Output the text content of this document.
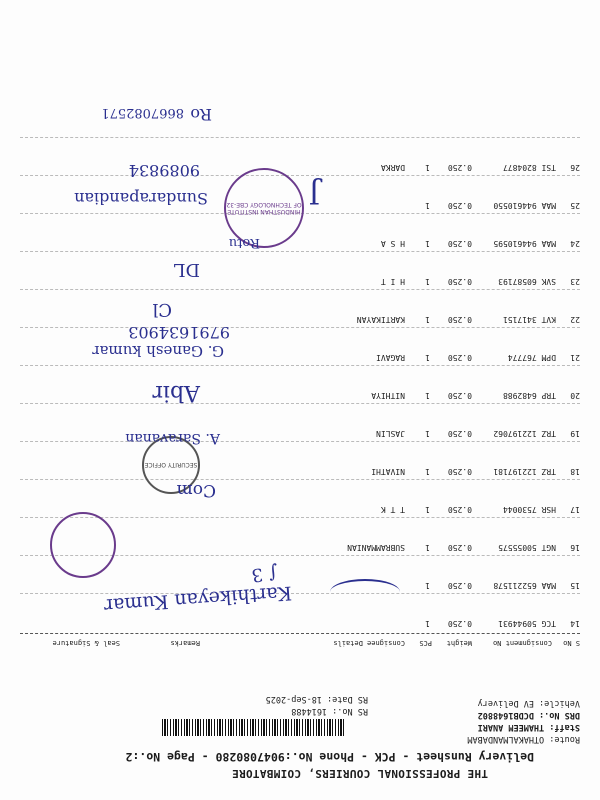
THE PROFESSIONAL COURIERS, COIMBATORE
Delivery Runsheet - PCK - Phone No.:9047080280 - Page No.:2
Route: OTHAKALMANDABAM
Staff: THAMEEM ANARI
DRS No.: DCDB1648802
Vehicle: EV Delivery
RS No.: 1614488
RS Date: 18-Sep-2025
S No
Consignment No
Weight
PCS
Consignee Details
Remarks
Seal & Signature
14
TCG 50944931
0.250
1
15
MAA 652211578
0.250
1
16
NGT 50055575
0.250
1
SUBRAMMANIAN
17
HSR 7530044
0.250
1
T T K
18
TRZ 122197181
0.250
1
NIVATHI
19
TRZ 122197062
0.250
1
JASLIN
20
TRP 6482988
0.250
1
NITHIYA
21
DPM 767774
0.250
1
RAGAVI
22
KVT 3417151
0.250
1
KARTIKAYAN
23
SVK 60587193
0.250
1
H I T
24
MAA 944610595
0.250
1
H S A
25
MAA 944610550
0.250
1
26
TSI 8204877
0.250
1
DARKA
Karthikeyan Kumar
∫ 3
SECURITY OFFICE
Com
A. Saravanan
Abir
G. Ganesh kumar
9791634903
Cl
DL
HINDUSTHAN INSTITUTE OF TECHNOLOGY CBE-32
Rotu
Sundarapandian
9089834
J
8667082571 Ro
